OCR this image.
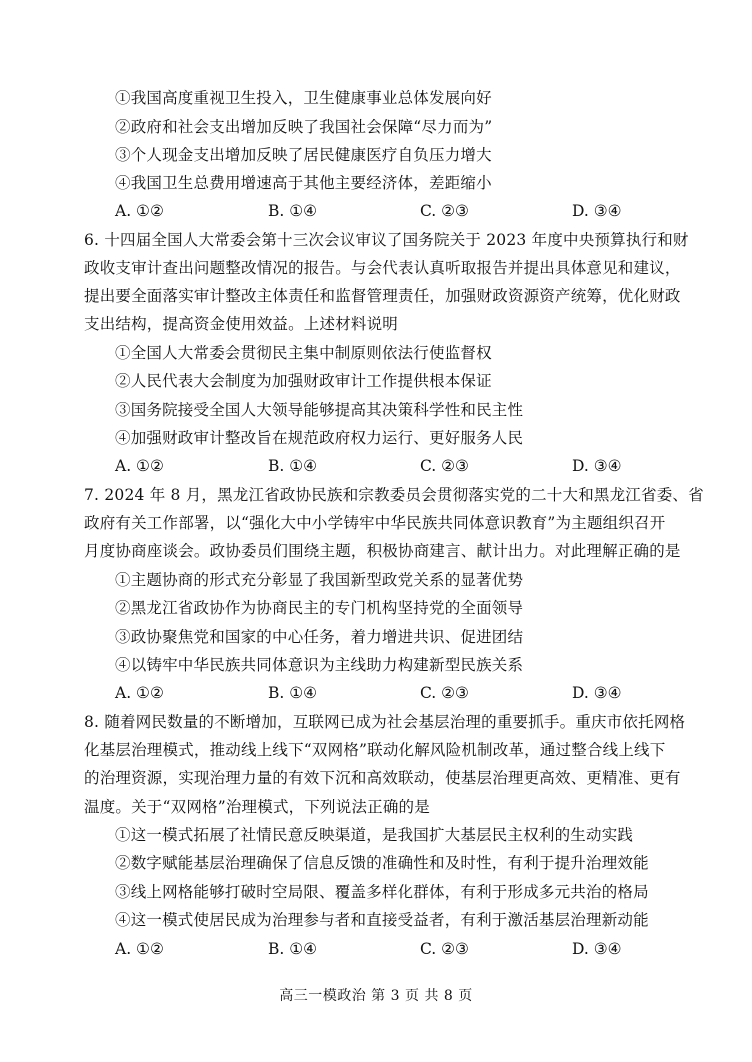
①我国高度重视卫生投入，卫生健康事业总体发展向好
②政府和社会支出增加反映了我国社会保障“尽力而为”
③个人现金支出增加反映了居民健康医疗自负压力增大
④我国卫生总费用增速高于其他主要经济体，差距缩小
A. ①②	B. ①④	C. ②③	D. ③④
6. 十四届全国人大常委会第十三次会议审议了国务院关于 2023 年度中央预算执行和财
政收支审计查出问题整改情况的报告。与会代表认真听取报告并提出具体意见和建议，
提出要全面落实审计整改主体责任和监督管理责任，加强财政资源资产统筹，优化财政
支出结构，提高资金使用效益。上述材料说明
①全国人大常委会贯彻民主集中制原则依法行使监督权
②人民代表大会制度为加强财政审计工作提供根本保证
③国务院接受全国人大领导能够提高其决策科学性和民主性
④加强财政审计整改旨在规范政府权力运行、更好服务人民
A. ①②	B. ①④	C. ②③	D. ③④
7. 2024 年 8 月，黑龙江省政协民族和宗教委员会贯彻落实党的二十大和黑龙江省委、省
政府有关工作部署，以“强化大中小学铸牢中华民族共同体意识教育”为主题组织召开
月度协商座谈会。政协委员们围绕主题，积极协商建言、献计出力。对此理解正确的是
①主题协商的形式充分彰显了我国新型政党关系的显著优势
②黑龙江省政协作为协商民主的专门机构坚持党的全面领导
③政协聚焦党和国家的中心任务，着力增进共识、促进团结
④以铸牢中华民族共同体意识为主线助力构建新型民族关系
A. ①②	B. ①④	C. ②③	D. ③④
8. 随着网民数量的不断增加，互联网已成为社会基层治理的重要抓手。重庆市依托网格
化基层治理模式，推动线上线下“双网格”联动化解风险机制改革，通过整合线上线下
的治理资源，实现治理力量的有效下沉和高效联动，使基层治理更高效、更精准、更有
温度。关于“双网格”治理模式，下列说法正确的是
①这一模式拓展了社情民意反映渠道，是我国扩大基层民主权利的生动实践
②数字赋能基层治理确保了信息反馈的准确性和及时性，有利于提升治理效能
③线上网格能够打破时空局限、覆盖多样化群体，有利于形成多元共治的格局
④这一模式使居民成为治理参与者和直接受益者，有利于激活基层治理新动能
A. ①②	B. ①④	C. ②③	D. ③④
高三一模政治 第 3 页 共 8 页
